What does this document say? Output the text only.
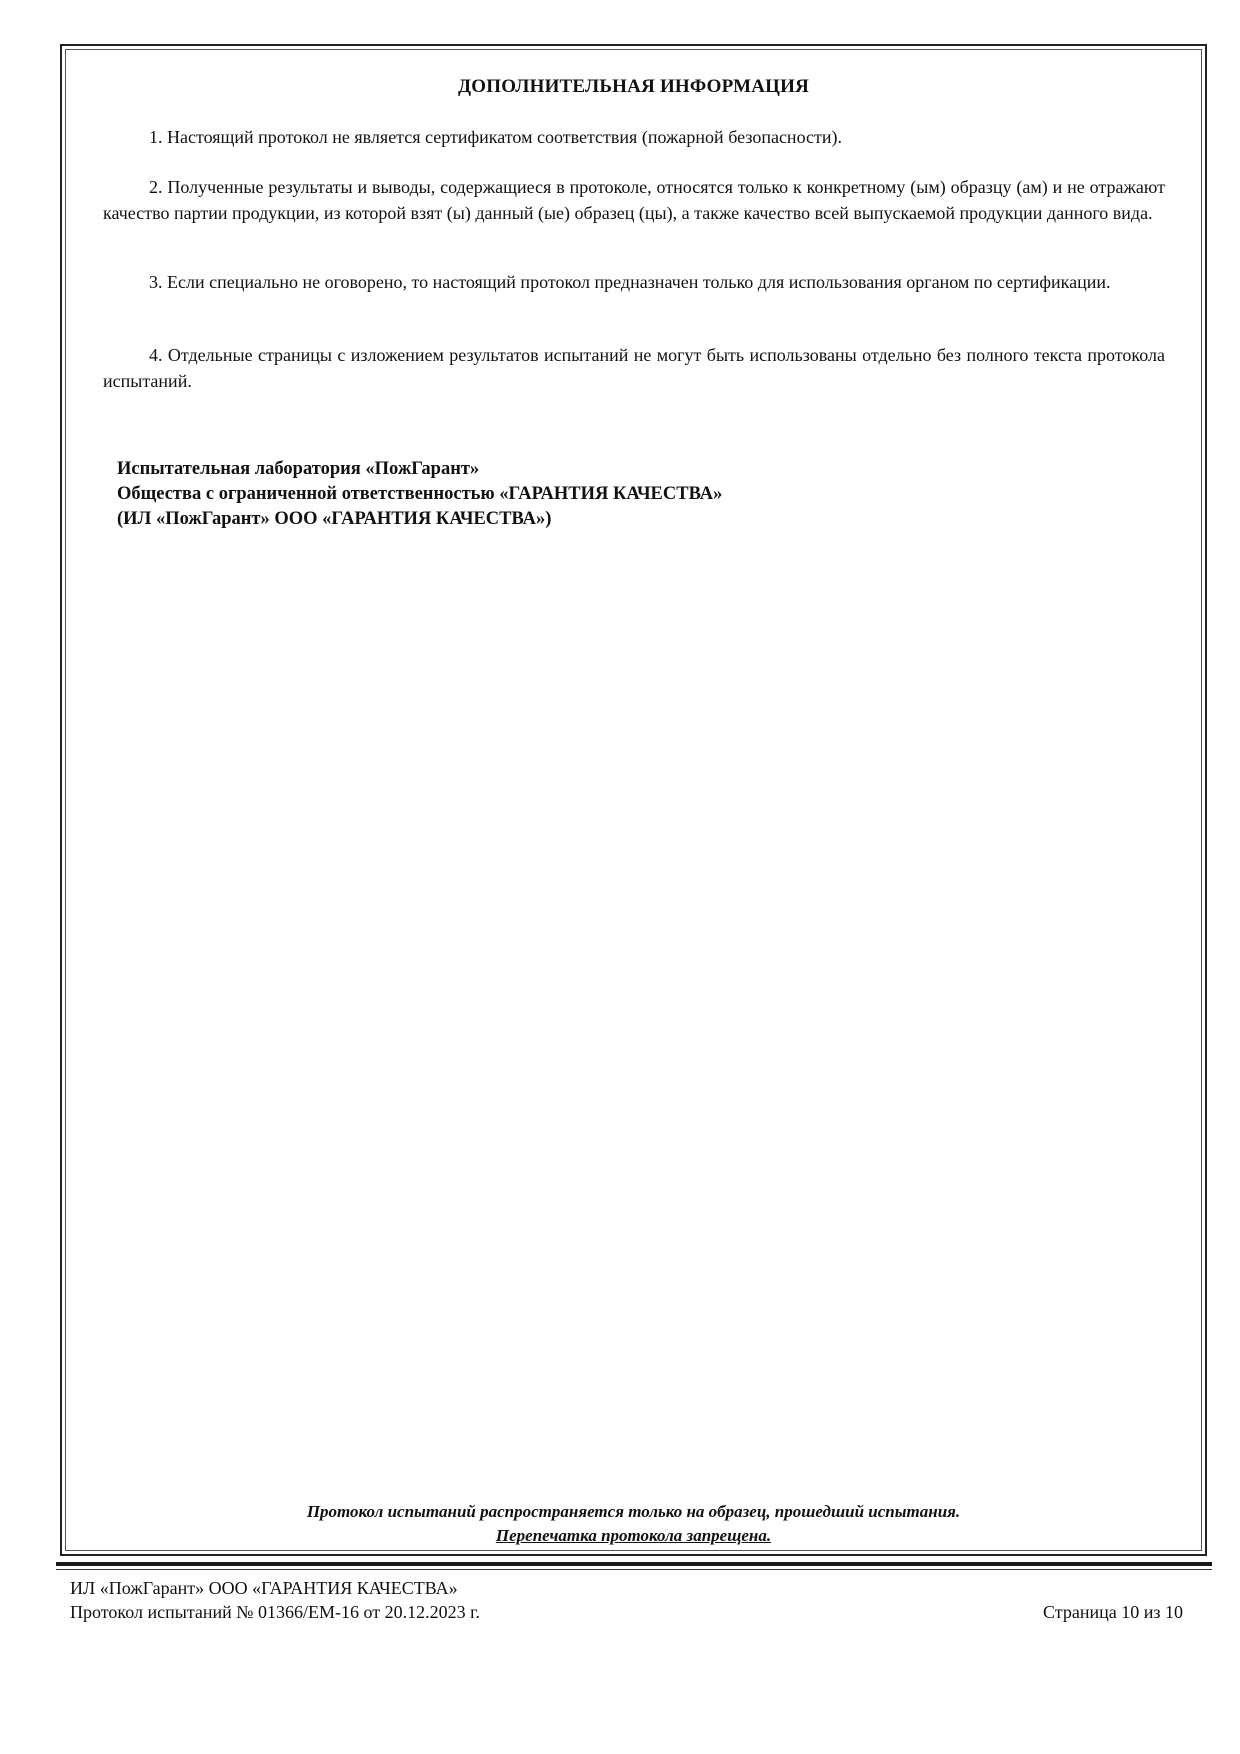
ДОПОЛНИТЕЛЬНАЯ ИНФОРМАЦИЯ
1. Настоящий протокол не является сертификатом соответствия (пожарной безопасности).
2. Полученные результаты и выводы, содержащиеся в протоколе, относятся только к конкретному (ым) образцу (ам) и не отражают качество партии продукции, из которой взят (ы) данный (ые) образец (цы), а также качество всей выпускаемой продукции данного вида.
3. Если специально не оговорено, то настоящий протокол предназначен только для использования органом по сертификации.
4. Отдельные страницы с изложением результатов испытаний не могут быть использованы отдельно без полного текста протокола испытаний.
Испытательная лаборатория «ПожГарант»
Общества с ограниченной ответственностью «ГАРАНТИЯ КАЧЕСТВА»
(ИЛ «ПожГарант» ООО «ГАРАНТИЯ КАЧЕСТВА»)
Протокол испытаний распространяется только на образец, прошедший испытания.
Перепечатка протокола запрещена.
ИЛ «ПожГарант» ООО «ГАРАНТИЯ КАЧЕСТВА»
Протокол испытаний № 01366/ЕМ-16 от 20.12.2023 г.	Страница 10 из 10
